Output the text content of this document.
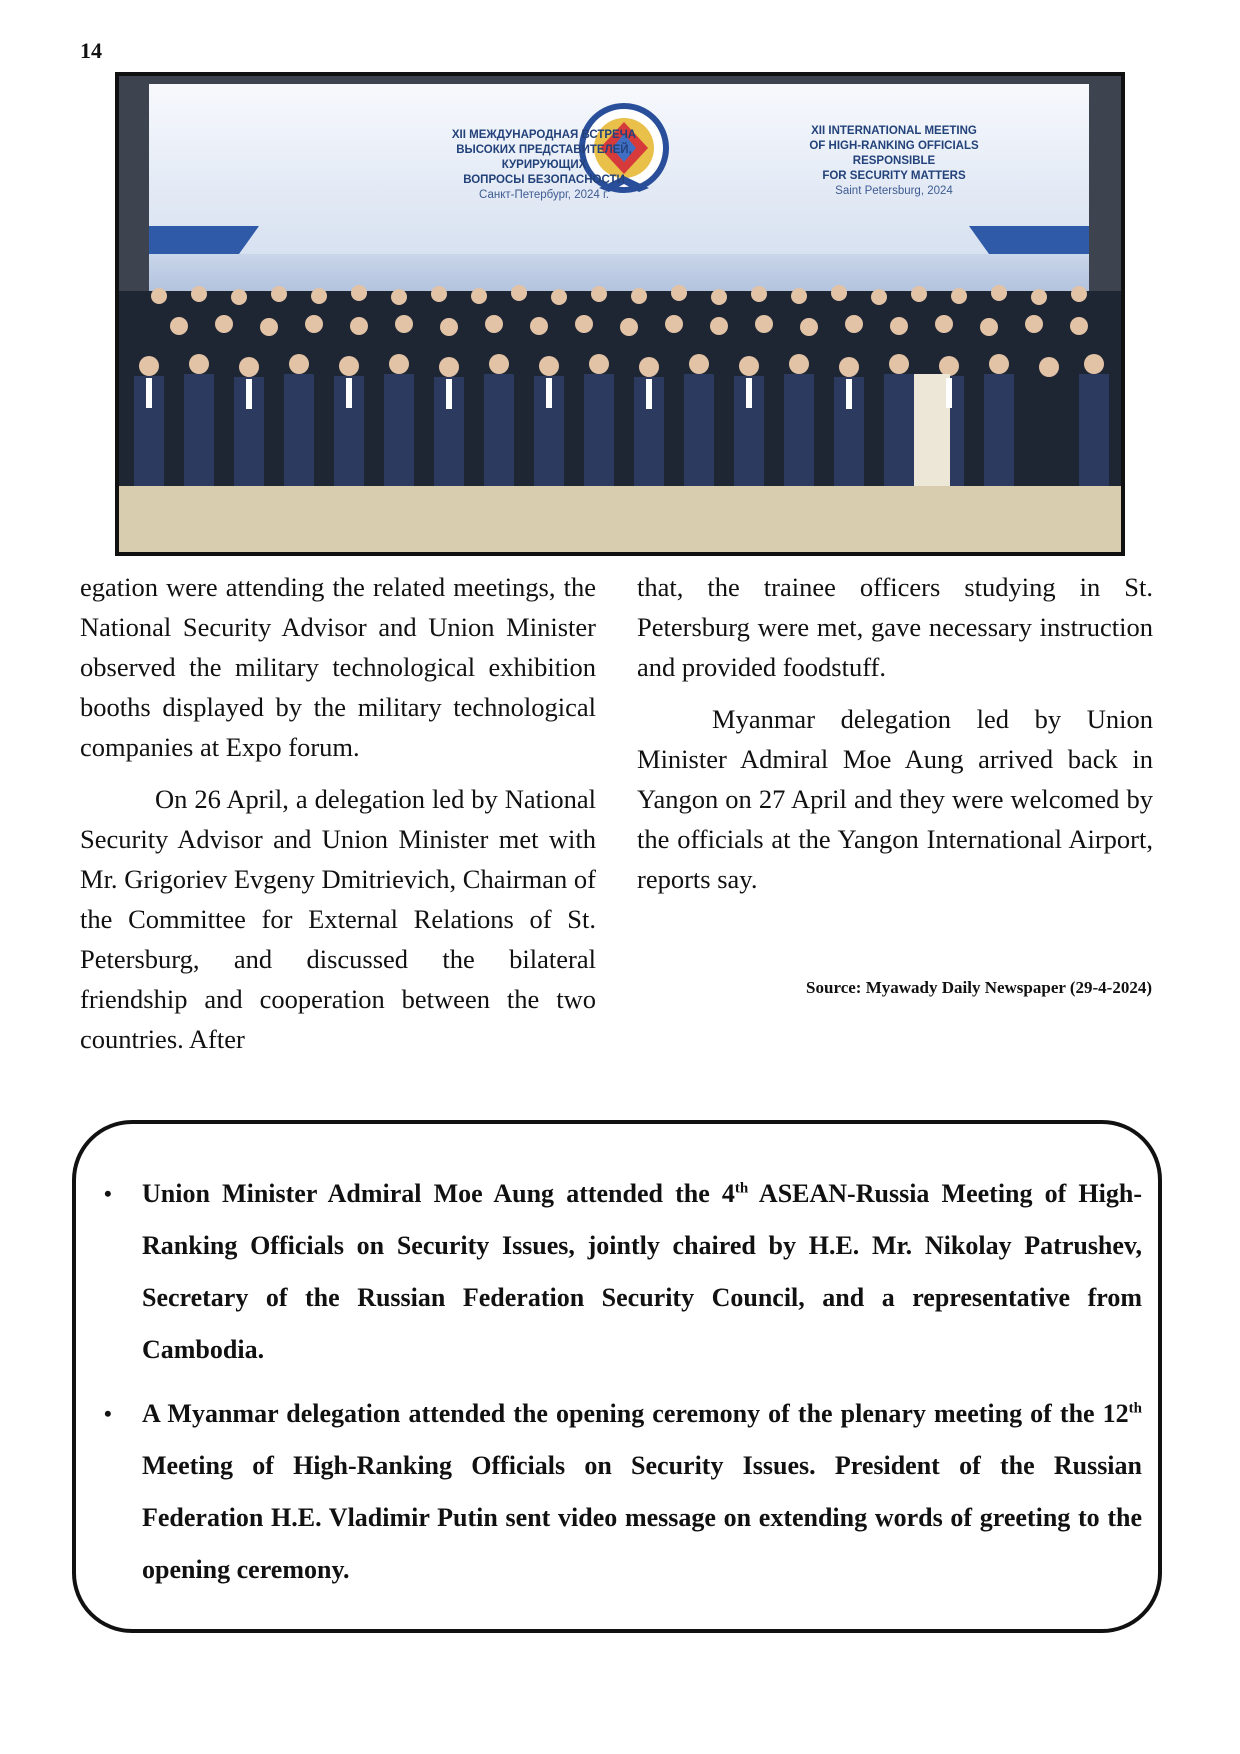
14
XII МЕЖДУНАРОДНАЯ ВСТРЕЧА
ВЫСОКИХ ПРЕДСТАВИТЕЛЕЙ,
КУРИРУЮЩИХ
ВОПРОСЫ БЕЗОПАСНОСТИ
Санкт-Петербург, 2024 г.
XII INTERNATIONAL MEETING
OF HIGH-RANKING OFFICIALS
RESPONSIBLE
FOR SECURITY MATTERS
Saint Petersburg, 2024

egation were attending the related meetings, the National Security Advisor and Union Minister observed the military technological exhibition booths displayed by the military technological companies at Expo forum.

On 26 April, a delegation led by National Security Advisor and Union Minister met with Mr. Grigoriev Evgeny Dmitrievich, Chairman of the Committee for External Relations of St. Petersburg, and discussed the bilateral friendship and cooperation between the two countries. After

that, the trainee officers studying in St. Petersburg were met, gave necessary instruction and provided foodstuff.

Myanmar delegation led by Union Minister Admiral Moe Aung arrived back in Yangon on 27 April and they were welcomed by the officials at the Yangon International Airport, reports say.

Source: Myawady Daily Newspaper (29-4-2024)
• Union Minister Admiral Moe Aung attended the 4th ASEAN-Russia Meeting of High-Ranking Officials on Security Issues, jointly chaired by H.E. Mr. Nikolay Patrushev, Secretary of the Russian Federation Security Council, and a representative from Cambodia.
• A Myanmar delegation attended the opening ceremony of the plenary meeting of the 12th Meeting of High-Ranking Officials on Security Issues. President of the Russian Federation H.E. Vladimir Putin sent video message on extending words of greeting to the opening ceremony.
